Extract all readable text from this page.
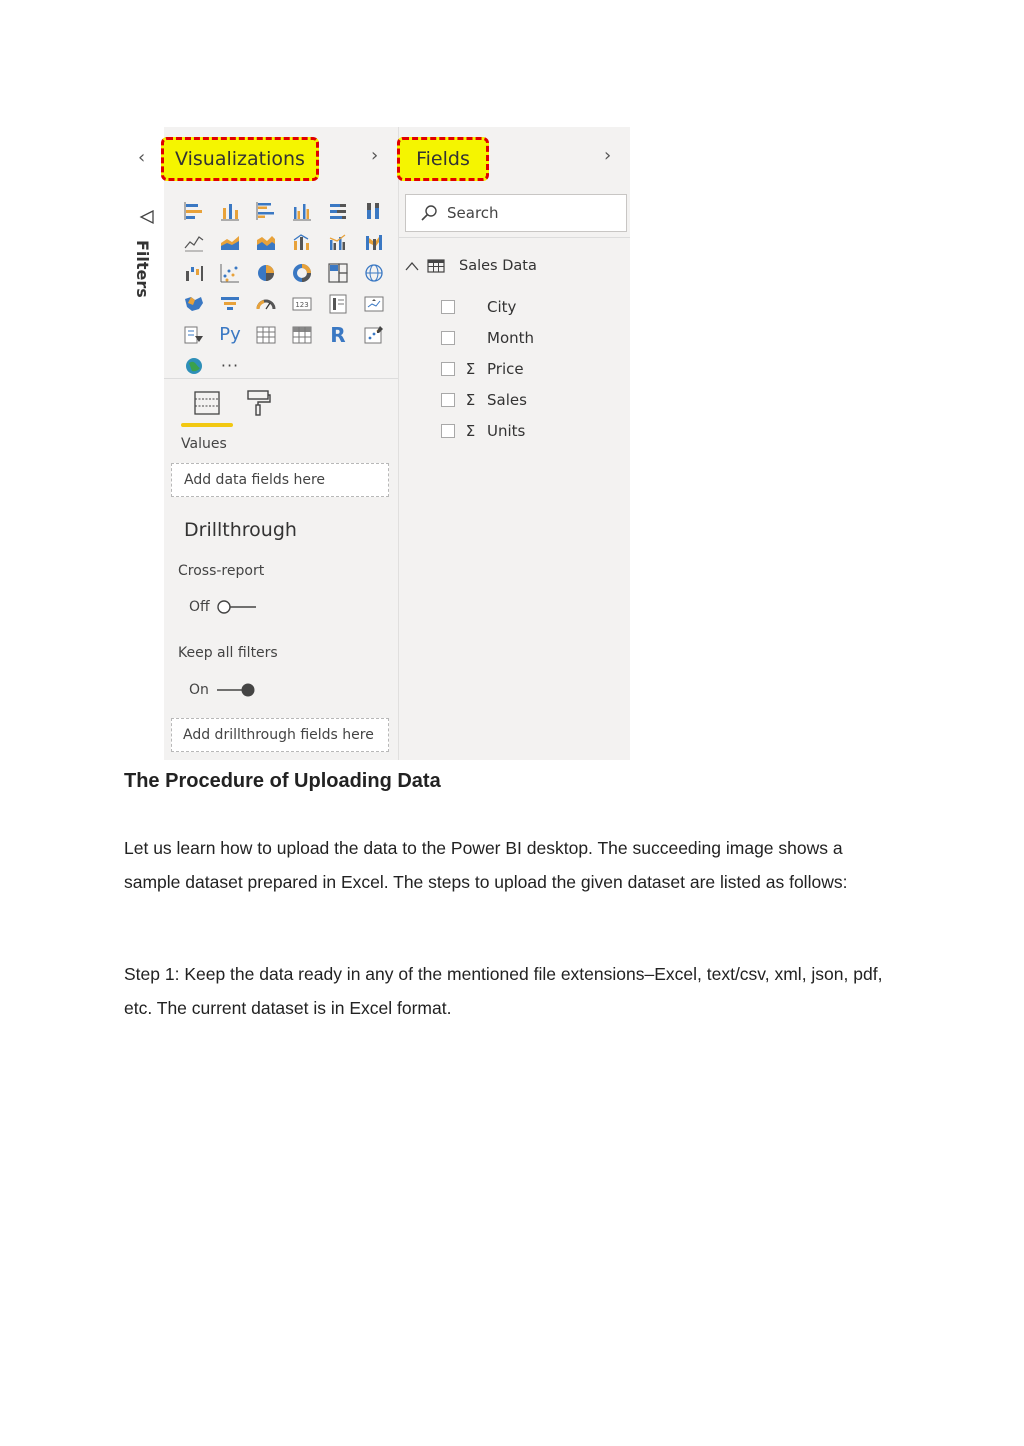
‹
Filters
Visualizations	›
123
Py	R
···
Values
Add data fields here
Drillthrough
Cross-report
Off
Keep all filters
On
Add drillthrough fields here
Fields	›
Search
Sales Data
City
Month
Σ Price
Σ Sales
Σ Units
The Procedure of Uploading Data

Let us learn how to upload the data to the Power BI desktop. The succeeding image shows a sample dataset prepared in Excel. The steps to upload the given dataset are listed as follows:

Step 1: Keep the data ready in any of the mentioned file extensions–Excel, text/csv, xml, json, pdf, etc. The current dataset is in Excel format.
